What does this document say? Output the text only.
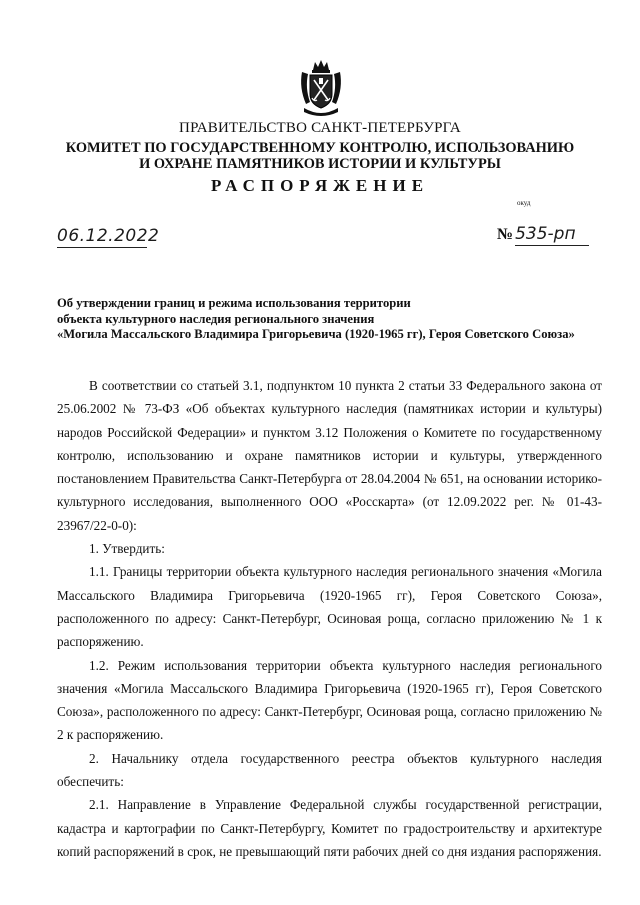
ПРАВИТЕЛЬСТВО САНКТ-ПЕТЕРБУРГА
КОМИТЕТ ПО ГОСУДАРСТВЕННОМУ КОНТРОЛЮ, ИСПОЛЬЗОВАНИЮ
И ОХРАНЕ ПАМЯТНИКОВ ИСТОРИИ И КУЛЬТУРЫ
РАСПОРЯЖЕНИЕ
окуд
06.12.2022	№ 535-рп
Об утверждении границ и режима использования территории
объекта культурного наследия регионального значения
«Могила Массальского Владимира Григорьевича (1920-1965 гг), Героя Советского Союза»

В соответствии со статьей 3.1, подпунктом 10 пункта 2 статьи 33 Федерального закона от 25.06.2002 № 73-ФЗ «Об объектах культурного наследия (памятниках истории и культуры) народов Российской Федерации» и пунктом 3.12 Положения о Комитете по государственному контролю, использованию и охране памятников истории и культуры, утвержденного постановлением Правительства Санкт-Петербурга от 28.04.2004 № 651, на основании историко-культурного исследования, выполненного ООО «Росскарта» (от 12.09.2022 рег. № 01-43-23967/22-0-0):

1. Утвердить:

1.1. Границы территории объекта культурного наследия регионального значения «Могила Массальского Владимира Григорьевича (1920-1965 гг), Героя Советского Союза», расположенного по адресу: Санкт-Петербург, Осиновая роща, согласно приложению № 1 к распоряжению.

1.2. Режим использования территории объекта культурного наследия регионального значения «Могила Массальского Владимира Григорьевича (1920-1965 гг), Героя Советского Союза», расположенного по адресу: Санкт-Петербург, Осиновая роща, согласно приложению № 2 к распоряжению.

2. Начальнику отдела государственного реестра объектов культурного наследия обеспечить:

2.1. Направление в Управление Федеральной службы государственной регистрации, кадастра и картографии по Санкт-Петербургу, Комитет по градостроительству и архитектуре копий распоряжений в срок, не превышающий пяти рабочих дней со дня издания распоряжения.
